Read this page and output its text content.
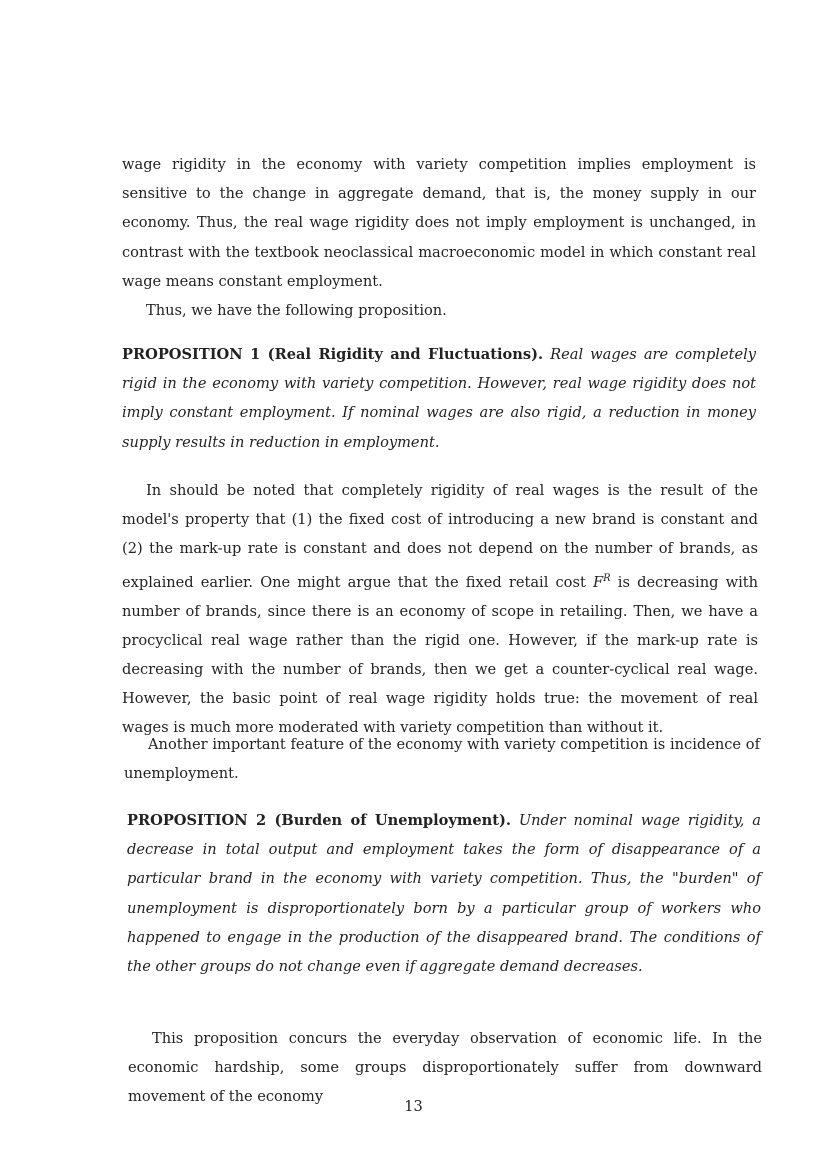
wage rigidity in the economy with variety competition implies employment is sensitive to the change in aggregate demand, that is, the money supply in our economy. Thus, the real wage rigidity does not imply employment is unchanged, in contrast with the textbook neoclassical macroeconomic model in which constant real wage means constant employment.

Thus, we have the following proposition.

PROPOSITION 1 (Real Rigidity and Fluctuations). Real wages are completely rigid in the economy with variety competition. However, real wage rigidity does not imply constant employment. If nominal wages are also rigid, a reduction in money supply results in reduction in employment.

In should be noted that completely rigidity of real wages is the result of the model's property that (1) the fixed cost of introducing a new brand is constant and (2) the mark-up rate is constant and does not depend on the number of brands, as explained earlier. One might argue that the fixed retail cost $F^R$ is decreasing with number of brands, since there is an economy of scope in retailing. Then, we have a procyclical real wage rather than the rigid one. However, if the mark-up rate is decreasing with the number of brands, then we get a counter-cyclical real wage. However, the basic point of real wage rigidity holds true: the movement of real wages is much more moderated with variety competition than without it.

Another important feature of the economy with variety competition is incidence of unemployment.

PROPOSITION 2 (Burden of Unemployment). Under nominal wage rigidity, a decrease in total output and employment takes the form of disappearance of a particular brand in the economy with variety competition. Thus, the "burden" of unemployment is disproportionately born by a particular group of workers who happened to engage in the production of the disappeared brand. The conditions of the other groups do not change even if aggregate demand decreases.

This proposition concurs the everyday observation of economic life. In the economic hardship, some groups disproportionately suffer from downward movement of the economy

13
